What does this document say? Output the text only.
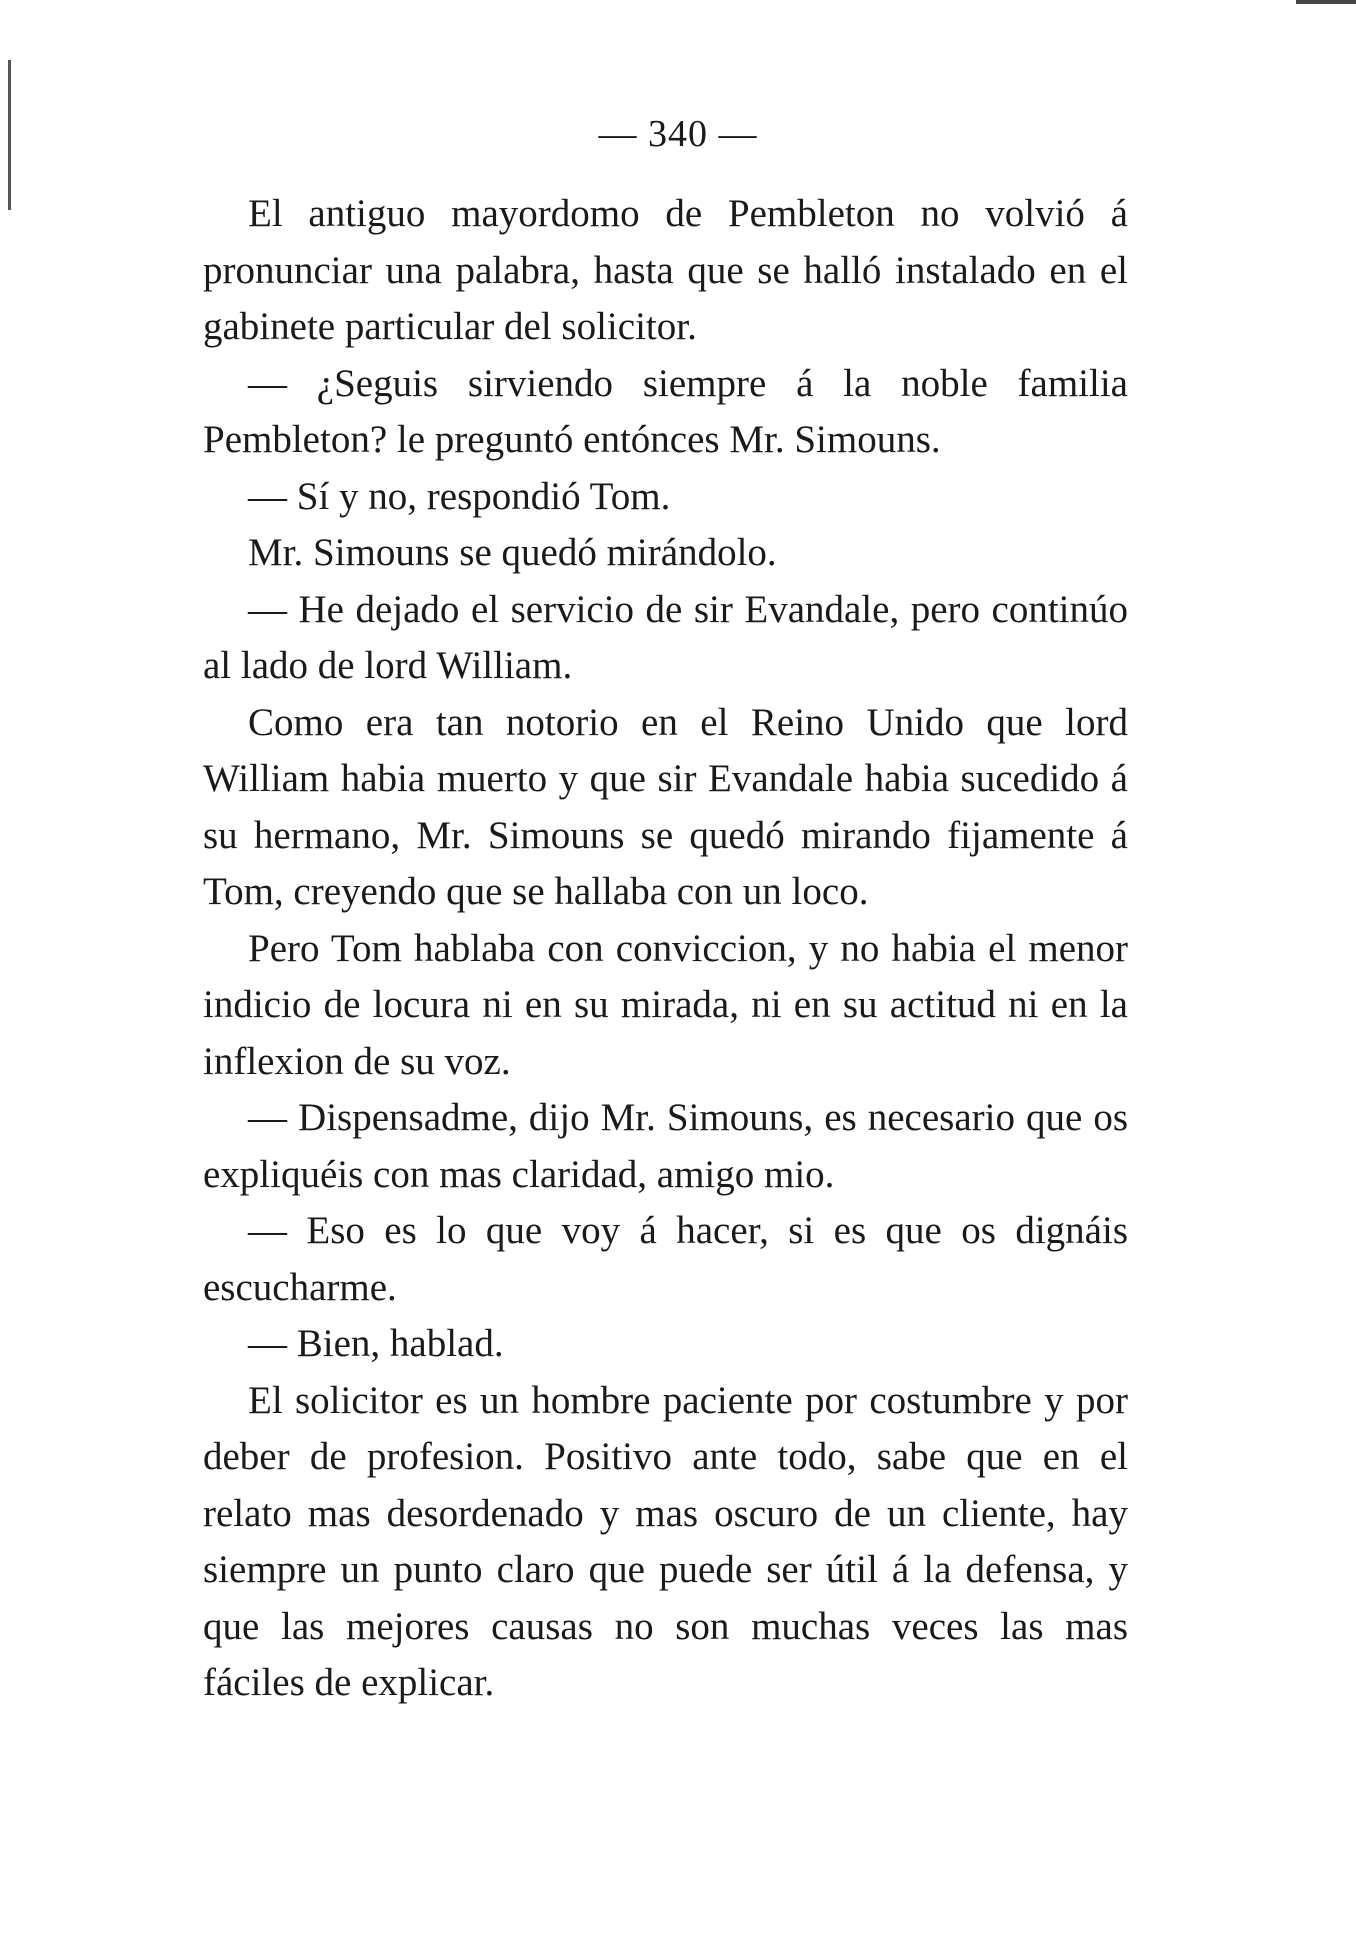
— 340 —

El antiguo mayordomo de Pembleton no volvió á pronunciar una palabra, hasta que se halló instalado en el gabinete particular del solicitor.

— ¿Seguis sirviendo siempre á la noble familia Pembleton? le preguntó entónces Mr. Simouns.

— Sí y no, respondió Tom.

Mr. Simouns se quedó mirándolo.

— He dejado el servicio de sir Evandale, pero continúo al lado de lord William.

Como era tan notorio en el Reino Unido que lord William habia muerto y que sir Evandale habia sucedido á su hermano, Mr. Simouns se quedó mirando fijamente á Tom, creyendo que se hallaba con un loco.

Pero Tom hablaba con conviccion, y no habia el menor indicio de locura ni en su mirada, ni en su actitud ni en la inflexion de su voz.

— Dispensadme, dijo Mr. Simouns, es necesario que os expliquéis con mas claridad, amigo mio.

— Eso es lo que voy á hacer, si es que os dignáis escucharme.

— Bien, hablad.

El solicitor es un hombre paciente por costumbre y por deber de profesion. Positivo ante todo, sabe que en el relato mas desordenado y mas oscuro de un cliente, hay siempre un punto claro que puede ser útil á la defensa, y que las mejores causas no son muchas veces las mas fáciles de explicar.
